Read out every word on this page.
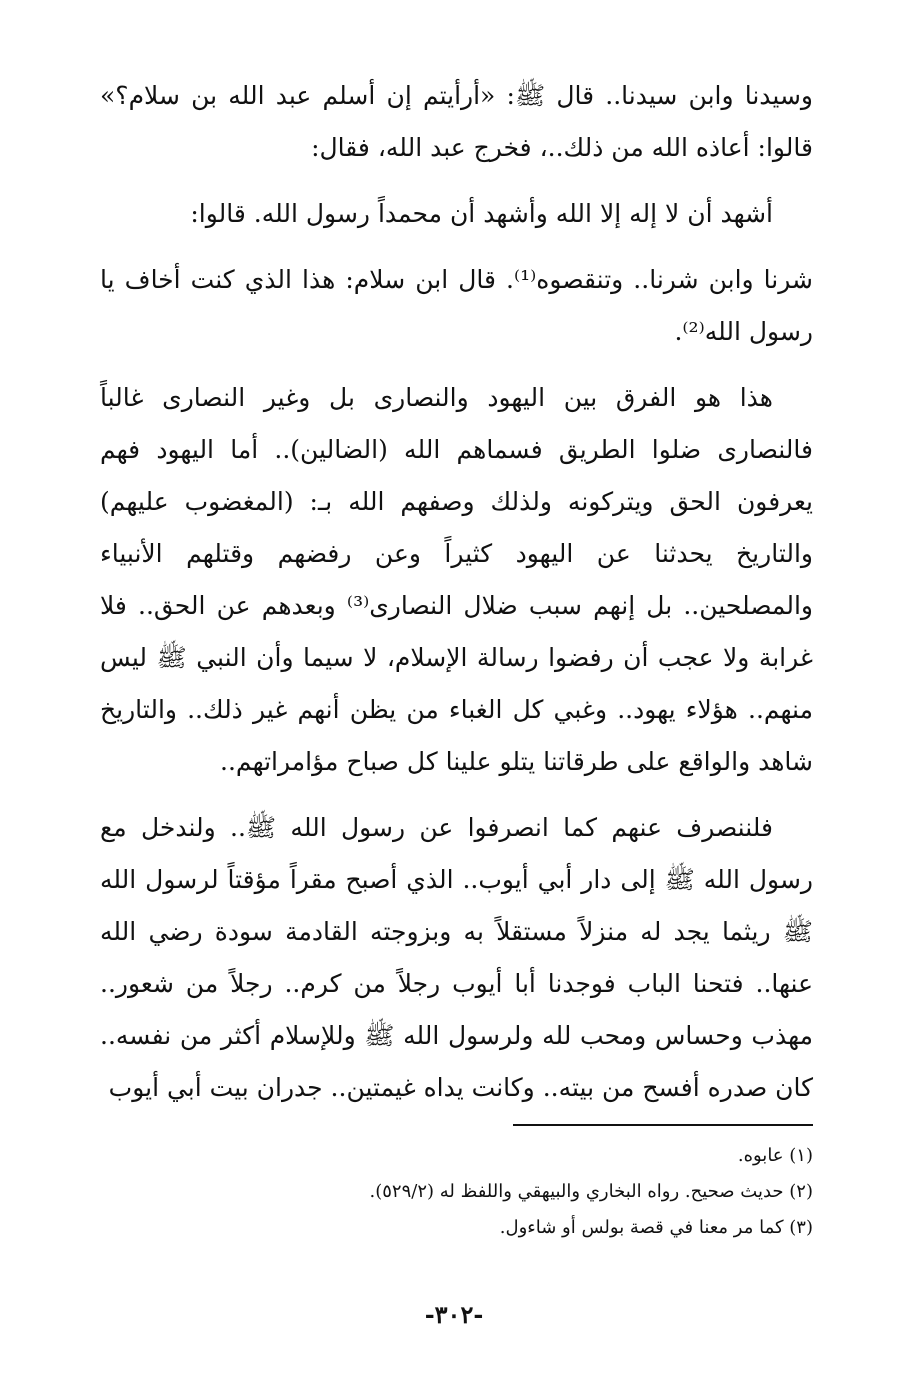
وسيدنا وابن سيدنا.. قال ﷺ: «أرأيتم إن أسلم عبد الله بن سلام؟» قالوا: أعاذه الله من ذلك..، فخرج عبد الله، فقال:

أشهد أن لا إله إلا الله وأشهد أن محمداً رسول الله. قالوا:

شرنا وابن شرنا.. وتنقصوه⁽¹⁾. قال ابن سلام: هذا الذي كنت أخاف يا رسول الله⁽²⁾.

هذا هو الفرق بين اليهود والنصارى بل وغير النصارى غالباً فالنصارى ضلوا الطريق فسماهم الله (الضالين).. أما اليهود فهم يعرفون الحق ويتركونه ولذلك وصفهم الله بـ: (المغضوب عليهم) والتاريخ يحدثنا عن اليهود كثيراً وعن رفضهم وقتلهم الأنبياء والمصلحين.. بل إنهم سبب ضلال النصارى⁽³⁾ وبعدهم عن الحق.. فلا غرابة ولا عجب أن رفضوا رسالة الإسلام، لا سيما وأن النبي ﷺ ليس منهم.. هؤلاء يهود.. وغبي كل الغباء من يظن أنهم غير ذلك.. والتاريخ شاهد والواقع على طرقاتنا يتلو علينا كل صباح مؤامراتهم..

فلننصرف عنهم كما انصرفوا عن رسول الله ﷺ.. ولندخل مع رسول الله ﷺ إلى دار أبي أيوب.. الذي أصبح مقراً مؤقتاً لرسول الله ﷺ ريثما يجد له منزلاً مستقلاً به وبزوجته القادمة سودة رضي الله عنها.. فتحنا الباب فوجدنا أبا أيوب رجلاً من كرم.. رجلاً من شعور.. مهذب وحساس ومحب لله ولرسول الله ﷺ وللإسلام أكثر من نفسه.. كان صدره أفسح من بيته.. وكانت يداه غيمتين.. جدران بيت أبي أيوب

(١) عابوه.
(٢) حديث صحيح. رواه البخاري والبيهقي واللفظ له (٥٢٩/٢).
(٣) كما مر معنا في قصة بولس أو شاءول.
-٣٠٢-
